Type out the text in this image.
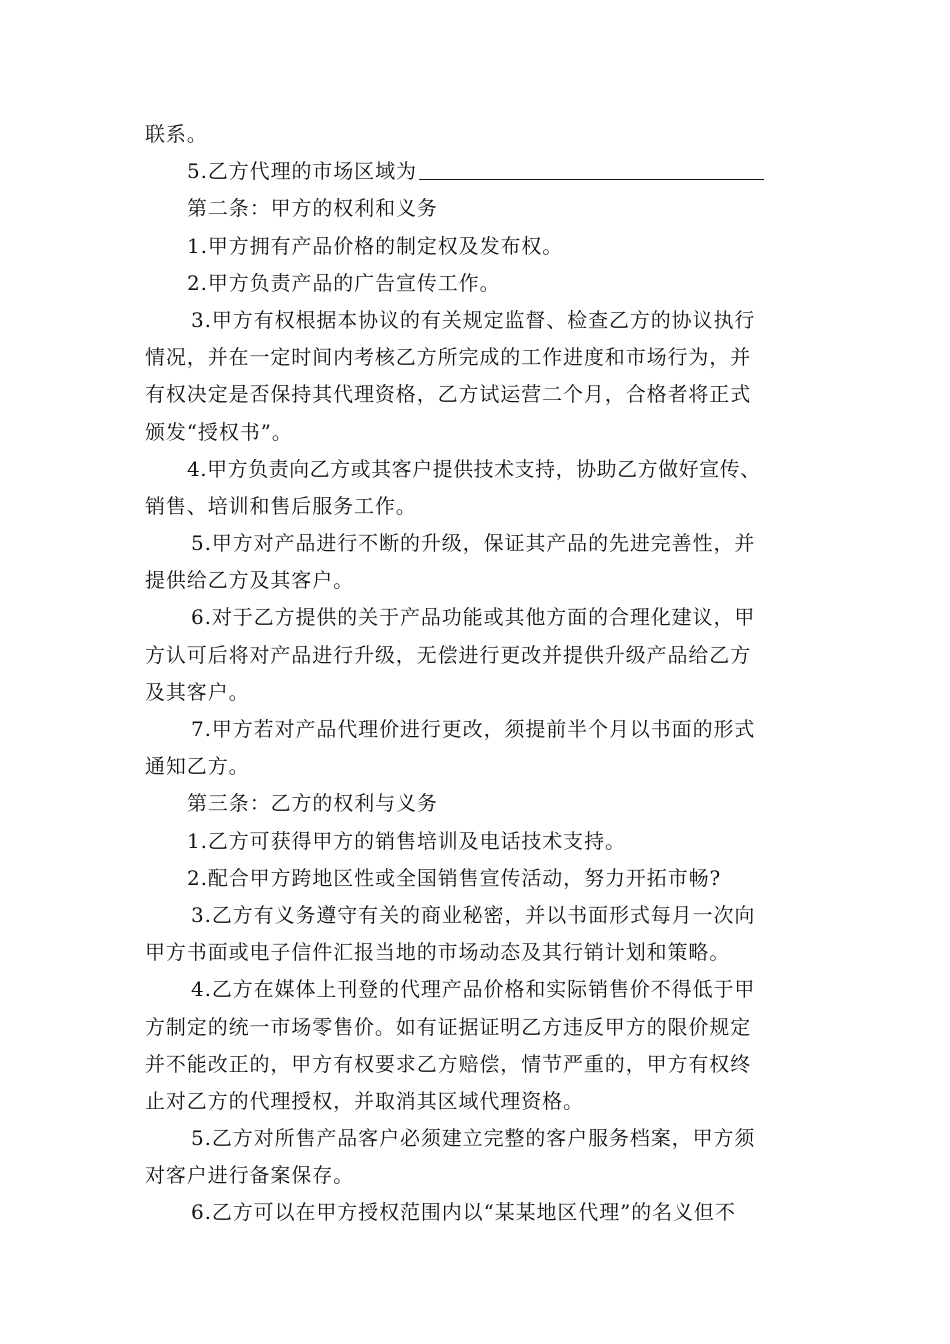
联系。
5.乙方代理的市场区域为
第二条：甲方的权利和义务
1.甲方拥有产品价格的制定权及发布权。
2.甲方负责产品的广告宣传工作。
3.甲方有权根据本协议的有关规定监督、检查乙方的协议执行
情况，并在一定时间内考核乙方所完成的工作进度和市场行为，并
有权决定是否保持其代理资格，乙方试运营二个月，合格者将正式
颁发“授权书”。
4.甲方负责向乙方或其客户提供技术支持，协助乙方做好宣传、
销售、培训和售后服务工作。
5.甲方对产品进行不断的升级，保证其产品的先进完善性，并
提供给乙方及其客户。
6.对于乙方提供的关于产品功能或其他方面的合理化建议，甲
方认可后将对产品进行升级，无偿进行更改并提供升级产品给乙方
及其客户。
7.甲方若对产品代理价进行更改，须提前半个月以书面的形式
通知乙方。
第三条：乙方的权利与义务
1.乙方可获得甲方的销售培训及电话技术支持。
2.配合甲方跨地区性或全国销售宣传活动，努力开拓市畅?
3.乙方有义务遵守有关的商业秘密，并以书面形式每月一次向
甲方书面或电子信件汇报当地的市场动态及其行销计划和策略。
4.乙方在媒体上刊登的代理产品价格和实际销售价不得低于甲
方制定的统一市场零售价。如有证据证明乙方违反甲方的限价规定
并不能改正的，甲方有权要求乙方赔偿，情节严重的，甲方有权终
止对乙方的代理授权，并取消其区域代理资格。
5.乙方对所售产品客户必须建立完整的客户服务档案，甲方须
对客户进行备案保存。
6.乙方可以在甲方授权范围内以“某某地区代理”的名义但不
